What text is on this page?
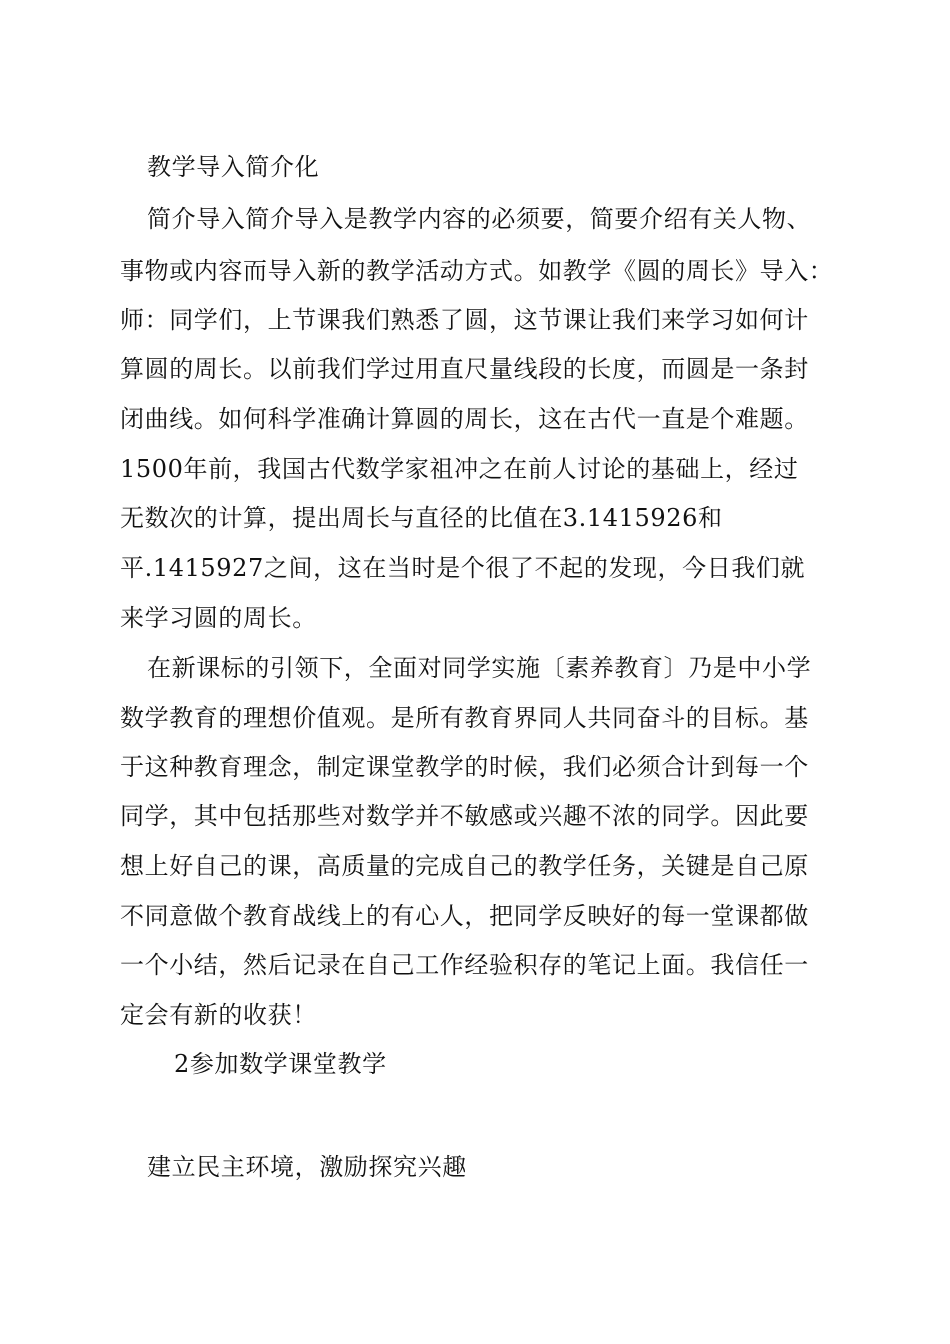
教学导入简介化
简介导入简介导入是教学内容的必须要，简要介绍有关人物、
事物或内容而导入新的教学活动方式。如教学《圆的周长》导入：
师：同学们，上节课我们熟悉了圆，这节课让我们来学习如何计
算圆的周长。以前我们学过用直尺量线段的长度，而圆是一条封
闭曲线。如何科学准确计算圆的周长，这在古代一直是个难题。
1500年前，我国古代数学家祖冲之在前人讨论的基础上，经过
无数次的计算，提出周长与直径的比值在3.1415926和
平.1415927之间，这在当时是个很了不起的发现，今日我们就
来学习圆的周长。
在新课标的引领下，全面对同学实施〔素养教育〕乃是中小学
数学教育的理想价值观。是所有教育界同人共同奋斗的目标。基
于这种教育理念，制定课堂教学的时候，我们必须合计到每一个
同学，其中包括那些对数学并不敏感或兴趣不浓的同学。因此要
想上好自己的课，高质量的完成自己的教学任务，关键是自己原
不同意做个教育战线上的有心人，把同学反映好的每一堂课都做
一个小结，然后记录在自己工作经验积存的笔记上面。我信任一
定会有新的收获！
2参加数学课堂教学
建立民主环境，激励探究兴趣
